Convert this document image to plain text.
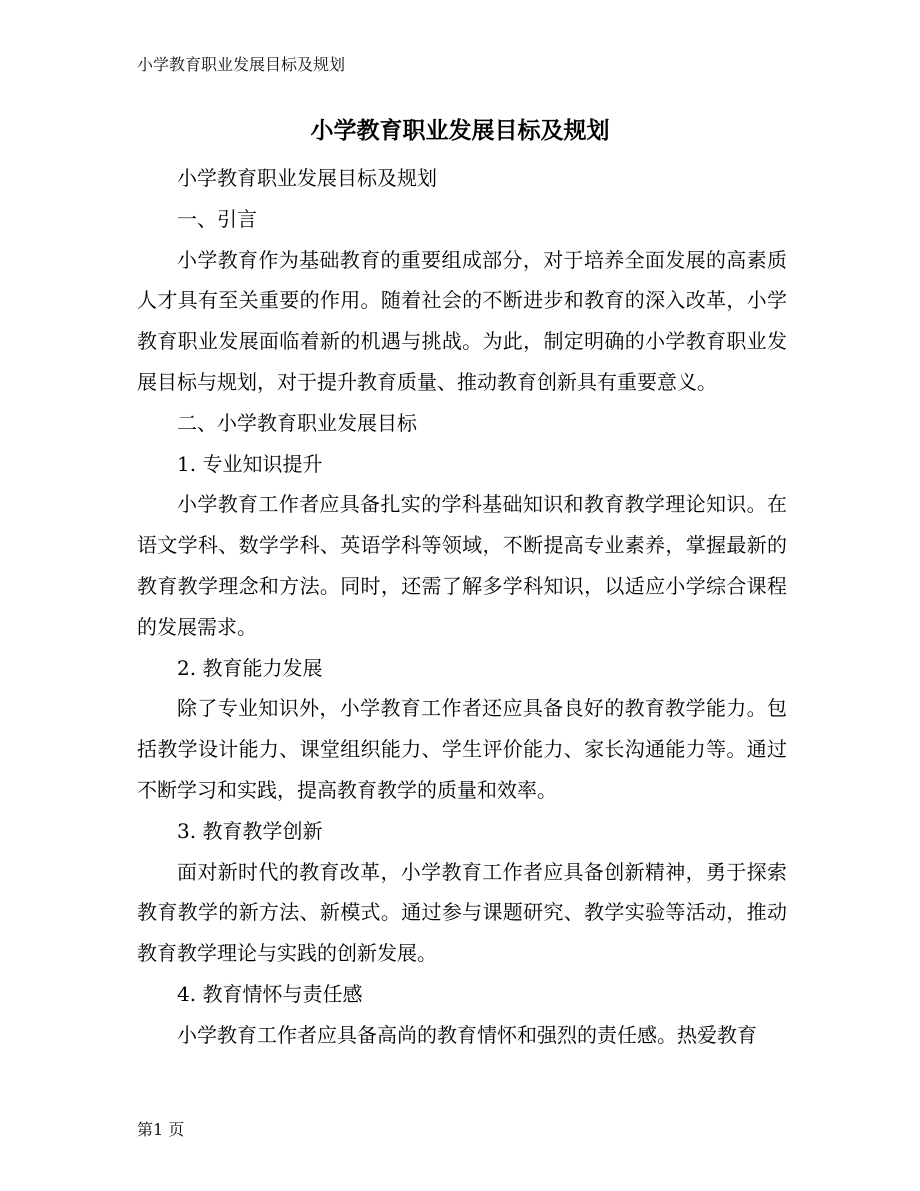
小学教育职业发展目标及规划
小学教育职业发展目标及规划

小学教育职业发展目标及规划

一、引言

小学教育作为基础教育的重要组成部分，对于培养全面发展的高素质人才具有至关重要的作用。随着社会的不断进步和教育的深入改革，小学教育职业发展面临着新的机遇与挑战。为此，制定明确的小学教育职业发展目标与规划，对于提升教育质量、推动教育创新具有重要意义。

二、小学教育职业发展目标

1. 专业知识提升

小学教育工作者应具备扎实的学科基础知识和教育教学理论知识。在语文学科、数学学科、英语学科等领域，不断提高专业素养，掌握最新的教育教学理念和方法。同时，还需了解多学科知识，以适应小学综合课程的发展需求。

2. 教育能力发展

除了专业知识外，小学教育工作者还应具备良好的教育教学能力。包括教学设计能力、课堂组织能力、学生评价能力、家长沟通能力等。通过不断学习和实践，提高教育教学的质量和效率。

3. 教育教学创新

面对新时代的教育改革，小学教育工作者应具备创新精神，勇于探索教育教学的新方法、新模式。通过参与课题研究、教学实验等活动，推动教育教学理论与实践的创新发展。

4. 教育情怀与责任感

小学教育工作者应具备高尚的教育情怀和强烈的责任感。热爱教育

第1 页
